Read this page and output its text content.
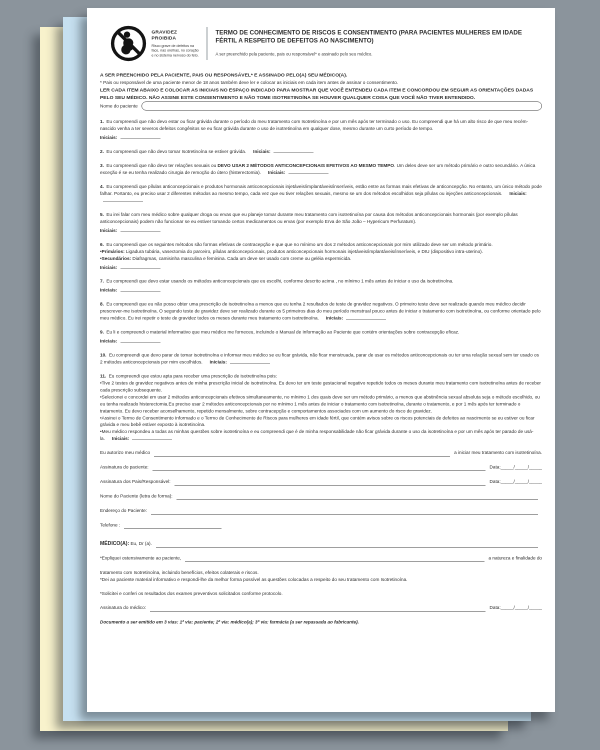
GRAVIDEZ PROIBIDA
Risco grave de defeitos na face, nas orelhas, no coração e no sistema nervoso do feto.
TERMO DE CONHECIMENTO DE RISCOS E CONSENTIMENTO (PARA PACIENTES MULHERES EM IDADE FÉRTIL A RESPEITO DE DEFEITOS AO NASCIMENTO)
A ser preenchido pela paciente, pais ou responsável* e assinado pelo seu médico.

A SER PREENCHIDO PELA PACIENTE, PAIS OU RESPONSÁVEL* E ASSINADO PELO(A) SEU MÉDICO(A).

* Pais ou responsável de uma paciente menor de 18 anos também deve ler e colocar as iniciais em cada item antes de assinar o consentimento.

LER CADA ITEM ABAIXO E COLOCAR AS INICIAIS NO ESPAÇO INDICADO PARA MOSTRAR QUE VOCÊ ENTENDEU CADA ITEM E CONCORDOU EM SEGUIR AS ORIENTAÇÕES DADAS PELO SEU MÉDICO. NÃO ASSINE ESTE CONSENTIMENTO E NÃO TOME ISOTRETINOÍNA SE HOUVER QUALQUER COISA QUE VOCÊ NÃO TIVER ENTENDIDO.

Nome do paciente

1. Eu compreendi que não devo estar ou ficar grávida durante o período do meu tratamento com Isotretinoína e por um mês após ter terminado o uso. Eu compreendi que há um alto risco de que meu recém-nascido venha a ter severos defeitos congênitos se eu ficar grávida durante o uso de isotretinoína em qualquer dose, mesmo durante um curto período de tempo.

Iniciais:

2. Eu compreendi que não devo tomar Isotretinoína se estiver grávida. Iniciais:

3. Eu compreendi que não devo ter relações sexuais ou DEVO USAR 2 MÉTODOS ANTICONCEPCIONAIS EFETIVOS AO MESMO TEMPO. Um deles deve ser um método primário e outro secundário. A única exceção é se eu tenha realizado cirurgia de remoção do útero (histerectomia). Iniciais:

4. Eu compreendi que pílulas anticoncepcionais e produtos hormonais anticoncepcionais injetáveis/implantáveis/inseríveis, estão entre as formas mais efetivas de anticoncepção. No entanto, um único método pode falhar. Portanto, eu preciso usar 2 diferentes métodos ao mesmo tempo, cada vez que eu tiver relações sexuais, mesmo se um dos métodos escolhidos seja pílulas ou injeções anticoncepcionais. Iniciais:

5. Eu irei falar com meu médico sobre qualquer droga ou ervas que eu planeje tomar durante meu tratamento com isotretinoína por causa dos métodos anticoncepcionais hormonais (por exemplo pílulas anticoncepcionais) podem não funcionar se eu estiver tomando certos medicamentos ou ervas (por exemplo Erva de São João – Hypericum Perfuratum).

Iniciais:

6. Eu compreendi que os seguintes métodos são formas efetivas de contracepção e que que no mínimo um dos 2 métodos anticoncepcionais por mim utilizado deve ser um método primário.

•Primários: Ligadura tubária, vasectomia do parceiro, pílulas anticoncepcionais, produtos anticoncepcionais hormonais injetáveis/implantáveis/inseríveis, e DIU (dispositivo intra-uterino).

•Secundários: Diafragmas, camisinha masculina e feminina. Cada um deve ser usado com creme ou geléia espermicida.

Iniciais:

7. Eu compreendi que devo estar usando os métodos anticoncepcionais que eu escolhi, conforme descrito acima , no mínimo 1 mês antes de iniciar o uso da isotretinoína.

Iniciais:

8. Eu compreendi que eu não posso obter uma prescrição de isotretinoína a menos que eu tenha 2 resultados de teste de gravidez negativos. O primeiro teste deve ser realizado quando meu médico decidir prescrever-me isotretinoína. O segundo teste de gravidez deve ser realizado durante os 5 primeiros dias do meu período menstrual pouco antes de iniciar o tratamento com isotretinoína, ou conforme orientado pelo meu médico. Eu irei repetir o teste de gravidez todos os meses durante meu tratamento com isotretinoína. Iniciais:

9. Eu li e compreendi o material informativo que meu médico me forneceu, incluindo o Manual de Informação ao Paciente que contém orientações sobre contracepção eficaz.

Iniciais:

10. Eu compreendi que devo parar de tomar isotretinoína e informar meu médico se eu ficar grávida, não ficar menstruada, parar de usar os métodos anticoncepcionais ou ter uma relação sexual sem ter usado os 2 métodos anticoncepcionais por mim escolhidos. Iniciais:

11. Eu compreendi que estou apta para receber uma prescrição de isotretinoína pois:

•Tive 2 testes de gravidez negativos antes de minha prescrição inicial de isotretinoína. Eu devo ter um teste gestacional negativo repetido todos os meses durante meu tratamento com isotretinoína antes de receber cada prescrição subsequente.

•Selecionei e concordei em usar 2 métodos anticoncepcionais efetivos simultaneamente, no mínimo 1 dos quais deve ser um método primário, a menos que abstinência sexual absoluta seja o método escolhido, ou eu tenha realizado histerectomia.Eu preciso usar 2 métodos anticoncepcionais por no mínimo 1 mês antes de iniciar o tratamento com isotretinoína, durante o tratamento, e por 1 mês após ter terminado o tratamento. Eu devo receber aconselhamento, repetido mensalmente, sobre contracepção e comportamentos associados com um aumento do risco de gravidez.

•Assinei o Termo de Consentimento Informado e o Termo de Conhecimento de Riscos para mulheres em idade fértil, que contém avisos sobre os riscos potenciais de defeitos ao nascimento se eu estiver ou ficar grávida e meu bebê estiver exposto à isotretinoína.

•Meu médico respondeu a todas as minhas questões sobre isotretinoína e eu compreendi que é de minha responsabilidade não ficar grávida durante o uso da isotretinoína e por um mês após ter parado de usá-la. Iniciais:

Eu autorizo meu médico	a iniciar meu tratamento com isotretinoína.
Assinatura do paciente:	Data:_____/_____/_____
Assinatura dos Pais/Responsável:	Data:_____/_____/_____
Nome do Paciente (letra de forma):
Endereço do Paciente:
Telefone :
MÉDICO(A):
Eu, Dr (a).
*Expliquei ostensivamente ao paciente,	a natureza e finalidade do

tratamento com Isotretinoína, incluindo benefícios, efeitos colaterais e riscos.

*Dei ao paciente material informativo e respondi-lhe da melhor forma possível as questões colocadas a respeito do seu tratamento com Isotretinoína.

*Solicitei e conferi os resultados dos exames preventivos solicitados conforme protocolo.

Assinatura do médico:	Data:_____/_____/_____

Documento a ser emitido em 3 vias: 1ª via: paciente; 2ª via: médico(a); 3ª via: farmácia (a ser repassada ao fabricante).
